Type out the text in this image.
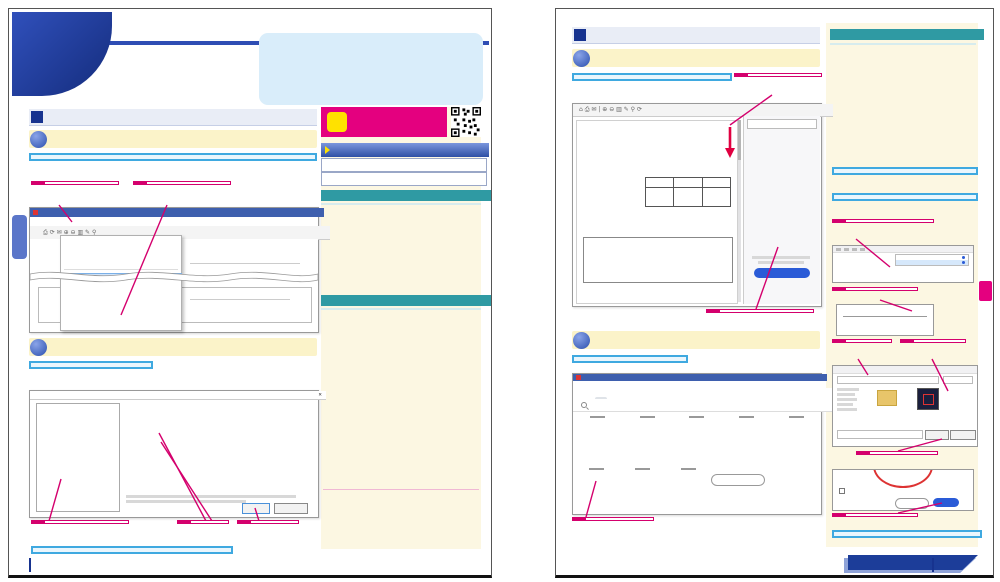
⎙ ⟳ ✉ ⊕ ⊖ ▥ ✎ ⚲
✕
⌂ ⎙ ✉ | ⊕ ⊖ ▥ ✎ ⚲ ⟳
